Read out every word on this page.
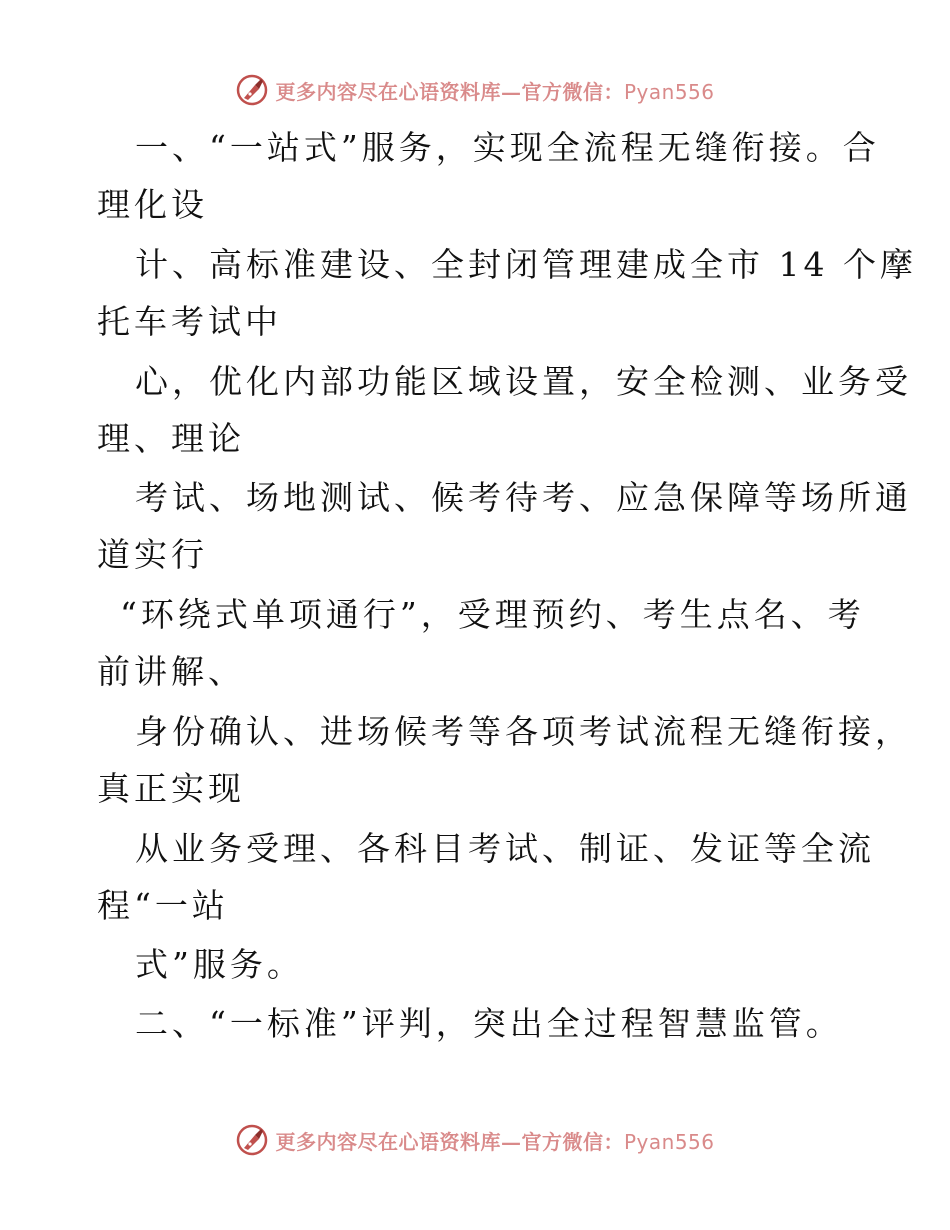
更多内容尽在心语资料库—官方微信：Pyan556
一、“一站式”服务，实现全流程无缝衔接。合
理化设
计、高标准建设、全封闭管理建成全市 14 个摩
托车考试中
心，优化内部功能区域设置，安全检测、业务受
理、理论
考试、场地测试、候考待考、应急保障等场所通
道实行
“环绕式单项通行”，受理预约、考生点名、考
前讲解、
身份确认、进场候考等各项考试流程无缝衔接，
真正实现
从业务受理、各科目考试、制证、发证等全流
程“一站
式”服务。
二、“一标准”评判，突出全过程智慧监管。
更多内容尽在心语资料库—官方微信：Pyan556
